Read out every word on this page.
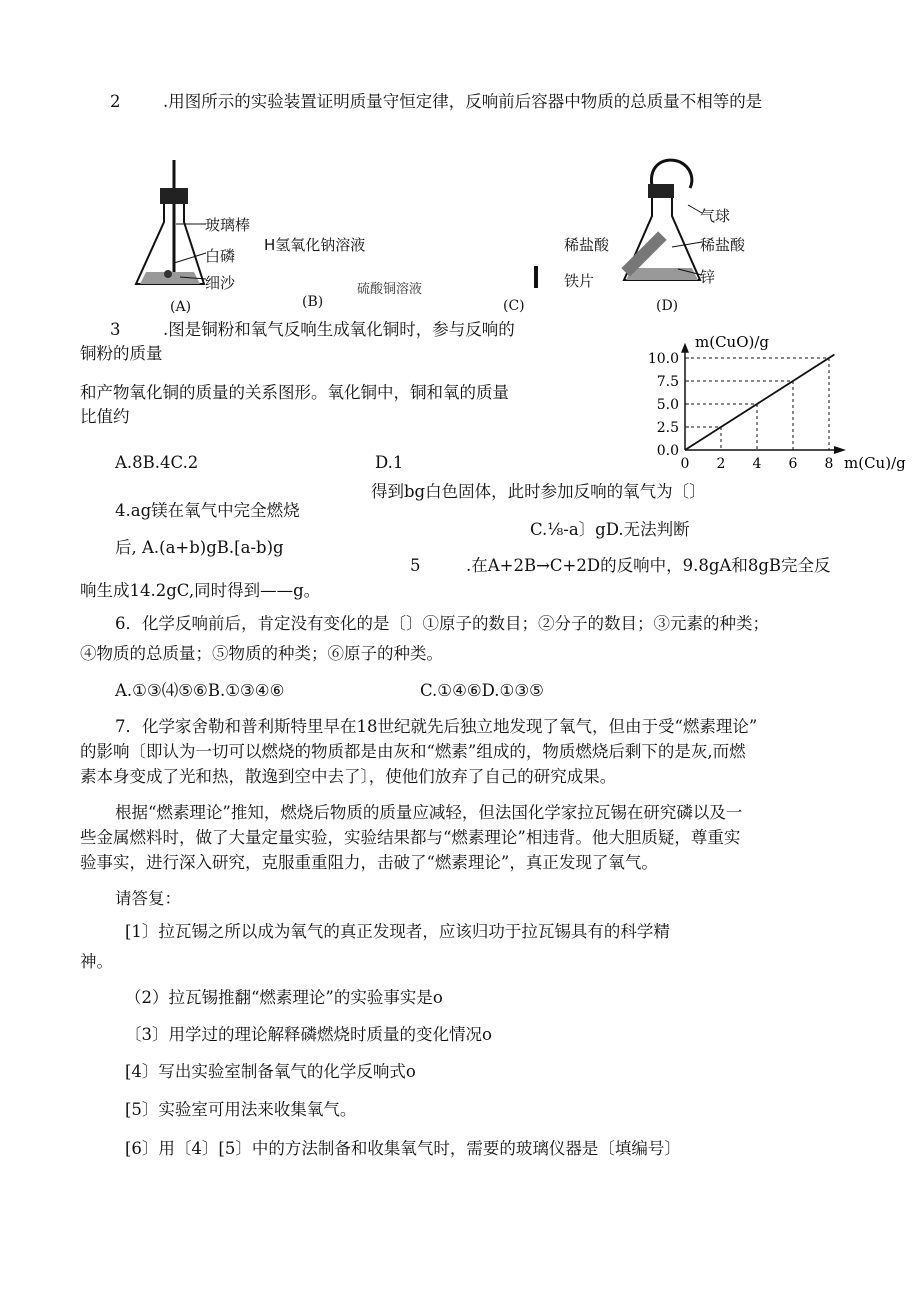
2	.用图所示的实验装置证明质量守恒定律，反响前后容器中物质的总质量不相等的是
玻璃棒
白磷
细沙
(A)
H氢氧化钠溶液
(B)
稀盐酸
硫酸铜溶液	铁片
(C)
气球
稀盐酸
锌
(D)
3	.图是铜粉和氧气反响生成氧化铜时，参与反响的
铜粉的质量
和产物氧化铜的质量的关系图形。氧化铜中，铜和氧的质量
比值约
A.8B.4C.2	D.1
0.0
2.5
5.0
7.5
10.0
0 2 4 6 8
m(CuO)/g
m(Cu)/g
4.ag镁在氧气中完全燃烧
得到bg白色固体，此时参加反响的氧气为〔〕
C.⅛-a〕gD.无法判断
后, A.(a+b)gB.[a-b)g
5	.在A+2B→C+2D的反响中，9.8gA和8gB完全反
响生成14.2gC,同时得到——g。
6．化学反响前后，肯定没有变化的是〔〕①原子的数目；②分子的数目；③元素的种类；
④物质的总质量；⑤物质的种类；⑥原子的种类。
A.①③⑷⑤⑥B.①③④⑥	C.①④⑥D.①③⑤
7．化学家舍勒和普利斯特里早在18世纪就先后独立地发现了氧气，但由于受“燃素理论”
的影响〔即认为一切可以燃烧的物质都是由灰和“燃素”组成的，物质燃烧后剩下的是灰,而燃
素本身变成了光和热，散逸到空中去了〕，使他们放弃了自己的研究成果。
根据“燃素理论”推知，燃烧后物质的质量应减轻，但法国化学家拉瓦锡在研究磷以及一
些金属燃料时，做了大量定量实验，实验结果都与“燃素理论”相违背。他大胆质疑，尊重实
验事实，进行深入研究，克服重重阻力，击破了“燃素理论”，真正发现了氧气。
请答复：
[1〕拉瓦锡之所以成为氧气的真正发现者，应该归功于拉瓦锡具有的科学精
神。
（2）拉瓦锡推翻“燃素理论”的实验事实是o
〔3〕用学过的理论解释磷燃烧时质量的变化情况o
[4〕写出实验室制备氧气的化学反响式o
[5〕实验室可用法来收集氧气。
[6〕用〔4〕[5〕中的方法制备和收集氧气时，需要的玻璃仪器是〔填编号〕
